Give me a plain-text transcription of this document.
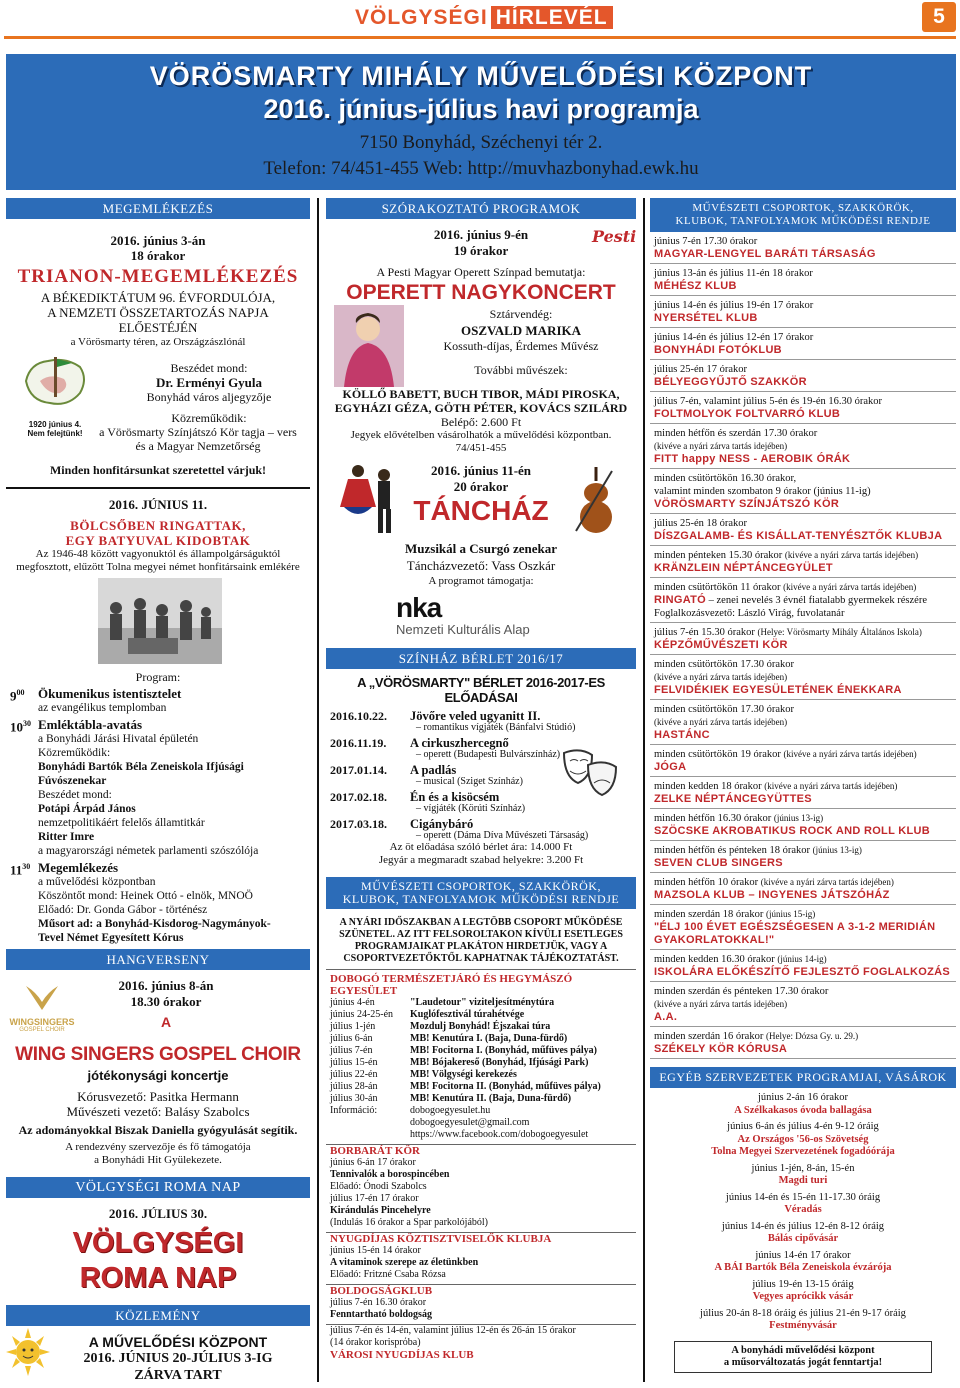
VÖLGYSÉGI HÍRLEVÉL	5
VÖRÖSMARTY MIHÁLY MŰVELŐDÉSI KÖZPONT
2016. június-július havi programja
7150 Bonyhád, Széchenyi tér 2.
Telefon: 74/451-455 Web: http://muvhazbonyhad.ewk.hu
MEGEMLÉKEZÉS
2016. június 3-án
18 órakor
TRIANON-MEGEMLÉKEZÉS
A BÉKEDIKTÁTUM 96. ÉVFORDULÓJA,
A NEMZETI ÖSSZETARTOZÁS NAPJA
ELŐESTÉJÉN
a Vörösmarty téren, az Országzászlónál
1920 június 4.
Nem felejtünk!
Beszédet mond:
Dr. Erményi Gyula
Bonyhád város aljegyzője
Közreműködik:
a Vörösmarty Színjátszó Kör tagja – vers
és a Magyar Nemzetőrség
Minden honfitársunkat szeretettel várjuk!
2016. JÚNIUS 11.
BÖLCSŐBEN RINGATTAK,
EGY BATYUVAL KIDOBTAK
Az 1946-48 között vagyonuktól és állampolgárságuktól
megfosztott, elűzött Tolna megyei német honfitársaink emlékére
Program:
$9^{00}$ Ökumenikus istentisztelet
az evangélikus templomban
$10^{30}$ Emléktábla-avatás
a Bonyhádi Járási Hivatal épületén
Közreműködik:
Bonyhádi Bartók Béla Zeneiskola Ifjúsági
Fúvószenekar
Beszédet mond:
Potápi Árpád János
nemzetpolitikáért felelős államtitkár
Ritter Imre
a magyarországi németek parlamenti szószólója
$11^{30}$ Megemlékezés
a művelődési központban
Köszöntőt mond: Heinek Ottó - elnök, MNOÖ
Előadó: Dr. Gonda Gábor - történész
Műsort ad: a Bonyhád-Kisdorog-Nagymányok-
Tevel Német Egyesített Kórus
HANGVERSENY
WINGSINGERS
GOSPEL CHOIR
2016. június 8-án
18.30 órakor
A
WING SINGERS GOSPEL CHOIR
jótékonysági koncertje
Kórusvezető: Pasitka Hermann
Művészeti vezető: Balásy Szabolcs
Az adományokkal Biszak Daniella gyógyulását segítik.
A rendezvény szervezője és fő támogatója
a Bonyhádi Hit Gyülekezete.
VÖLGYSÉGI ROMA NAP
2016. JÚLIUS 30.
VÖLGYSÉGI
ROMA NAP
KÖZLEMÉNY
A MŰVELŐDÉSI KÖZPONT
2016. JÚNIUS 20-JÚLIUS 3-IG
ZÁRVA TART
SZÓRAKOZTATÓ PROGRAMOK
2016. június 9-én
19 órakor
Pesti
A Pesti Magyar Operett Színpad bemutatja:
OPERETT NAGYKONCERT
Sztárvendég:
OSZVALD MARIKA
Kossuth-díjas, Érdemes Művész
További művészek:
KÖLLŐ BABETT, BUCH TIBOR, MÁDI PIROSKA,
EGYHÁZI GÉZA, GÖTH PÉTER, KOVÁCS SZILÁRD
Belépő: 2.600 Ft
Jegyek elővételben vásárolhatók a művelődési központban.
74/451-455
2016. június 11-én
20 órakor
TÁNCHÁZ
Muzsikál a Csurgó zenekar
Táncházvezető: Vass Oszkár
A programot támogatja:
nka
Nemzeti Kulturális Alap
SZÍNHÁZ BÉRLET 2016/17
A „VÖRÖSMARTY" BÉRLET 2016-2017-ES ELŐADÁSAI
2016.10.22. Jövőre veled ugyanitt II.
– romantikus vígjáték (Bánfalvi Stúdió)
2016.11.19. A cirkuszhercegnő
– operett (Budapesti Bulvárszínház)
2017.01.14. A padlás
– musical (Sziget Színház)
2017.02.18. Én és a kisöcsém
– vígjáték (Körúti Színház)
2017.03.18. Cigánybáró
– operett (Dáma Díva Művészeti Társaság)
Az öt előadása szóló bérlet ára: 14.000 Ft
Jegyár a megmaradt szabad helyekre: 3.200 Ft
MŰVÉSZETI CSOPORTOK, SZAKKÖRÖK,
KLUBOK, TANFOLYAMOK MŰKÖDÉSI RENDJE
A NYÁRI IDŐSZAKBAN A LEGTÖBB CSOPORT MŰKÖDÉSE
SZÜNETEL. AZ ITT FELSOROLTAKON KÍVÜLI ESETLEGES
PROGRAMJAIKAT PLAKÁTON HIRDETJÜK, VAGY A
CSOPORTVEZETŐKTŐL KAPHATNAK TÁJÉKOZTATÁST.
DOBOGÓ TERMÉSZETJÁRÓ ÉS HEGYMÁSZÓ
EGYESÜLET
június 4-én	"Laudetour" viziteljesítménytúra
június 24-25-én	Kuglófesztivál túrahétvége
július 1-jén	Mozdulj Bonyhád! Éjszakai túra
július 6-án	MB! Kenutúra I. (Baja, Duna-fürdő)
július 7-én	MB! Focitorna I. (Bonyhád, műfüves pálya)
július 15-én	MB! Bójakereső (Bonyhád, Ifjúsági Park)
július 22-én	MB! Völgységi kerekezés
július 28-án	MB! Focitorna II. (Bonyhád, műfüves pálya)
július 30-án	MB! Kenutúra II. (Baja, Duna-fürdő)
Információ:	dobogoegyesulet.hu
dobogoegyesulet@gmail.com
https://www.facebook.com/dobogoegyesulet
BORBARÁT KÖR
június 6-án 17 órakor
Tennivalók a borospincében
Előadó: Ónodi Szabolcs
július 17-én 17 órakor
Kirándulás Pincehelyre
(Indulás 16 órakor a Spar parkolójából)
NYUGDÍJAS KÖZTISZTVISELŐK KLUBJA
június 15-én 14 órakor
A vitaminok szerepe az életünkben
Előadó: Fritzné Csaba Rózsa
BOLDOGSÁGKLUB
július 7-én 16.30 órakor
Fenntartható boldogság
július 7-én és 14-én, valamint július 12-én és 26-án 15 órakor
(14 órakor korisprόba)
VÁROSI NYUGDÍJAS KLUB
MŰVÉSZETI CSOPORTOK, SZAKKÖRÖK,
KLUBOK, TANFOLYAMOK MŰKÖDÉSI RENDJE
június 7-én 17.30 órakor
MAGYAR-LENGYEL BARÁTI TÁRSASÁG
június 13-án és július 11-én 18 órakor
MÉHÉSZ KLUB
június 14-én és július 19-én 17 órakor
NYERSÉTEL KLUB
június 14-én és július 12-én 17 órakor
BONYHÁDI FOTÓKLUB
július 25-én 17 órakor
BÉLYEGGYŰJTŐ SZAKKÖR
július 7-én, valamint július 5-én és 19-én 16.30 órakor
FOLTMOLYOK FOLTVARRÓ KLUB
minden hétfőn és szerdán 17.30 órakor
(kivéve a nyári zárva tartás idejében)
FITT happy NESS - AEROBIK ÓRÁK
minden csütörtökön 16.30 órakor,
valamint minden szombaton 9 órakor (június 11-ig)
VÖRÖSMARTY SZÍNJÁTSZÓ KÖR
július 25-én 18 órakor
DÍSZGALAMB- ÉS KISÁLLAT-TENYÉSZTŐK KLUBJA
minden pénteken 15.30 órakor (kivéve a nyári zárva tartás idejében)
KRÄNZLEIN NÉPTÁNCEGYÜLET
minden csütörtökön 11 órakor (kivéve a nyári zárva tartás idejében)
RINGATÓ – zenei nevelés 3 évnél fiatalabb gyermekek részére
Foglalkozásvezető: László Virág, fuvolatanár
július 7-én 15.30 órakor (Helye: Vörösmarty Mihály Általános Iskola)
KÉPZŐMŰVÉSZETI KÖR
minden csütörtökön 17.30 órakor
(kivéve a nyári zárva tartás idejében)
FELVIDÉKIEK EGYESÜLETÉNEK ÉNEKKARA
minden csütörtökön 17.30 órakor
(kivéve a nyári zárva tartás idejében)
HASTÁNC
minden csütörtökön 19 órakor (kivéve a nyári zárva tartás idejében)
JÓGA
minden kedden 18 órakor (kivéve a nyári zárva tartás idejében)
ZELKE NÉPTÁNCEGYÜTTES
minden hétfőn 16.30 órakor (június 13-ig)
SZÖCSKE AKROBATIKUS ROCK AND ROLL KLUB
minden hétfőn és pénteken 18 órakor (június 13-ig)
SEVEN CLUB SINGERS
minden hétfőn 10 órakor (kivéve a nyári zárva tartás idejében)
MAZSOLA KLUB – INGYENES JÁTSZÓHÁZ
minden szerdán 18 órakor (június 15-ig)
"ÉLJ 100 ÉVET EGÉSZSÉGESEN A 3-1-2 MERIDIÁN
GYAKORLATOKKAL!"
minden kedden 16.30 órakor (június 14-ig)
ISKOLÁRA ELŐKÉSZÍTŐ FEJLESZTŐ FOGLALKOZÁS
minden szerdán és pénteken 17.30 órakor
(kivéve a nyári zárva tartás idejében)
A.A.
minden szerdán 16 órakor (Helye: Dózsa Gy. u. 29.)
SZÉKELY KÖR KÓRUSA
EGYÉB SZERVEZETEK PROGRAMJAI, VÁSÁROK
június 2-án 16 órakor
A Szélkakasos óvoda ballagása
június 6-án és július 4-én 9-12 óráig
Az Országos '56-os Szövetség
Tolna Megyei Szervezetének fogadóórája
június 1-jén, 8-án, 15-én
Magdi turi
június 14-én és 15-én 11-17.30 óráig
Véradás
június 14-én és július 12-én 8-12 óráig
Bálás cipővásár
június 14-én 17 órakor
A BÁI Bartók Béla Zeneiskola évzárója
július 19-én 13-15 óráig
Vegyes aprócikk vásár
július 20-án 8-18 óráig és július 21-én 9-17 óráig
Festményvásár
A bonyhádi művelődési központ
a műsorváltozatás jogát fenntartja!
